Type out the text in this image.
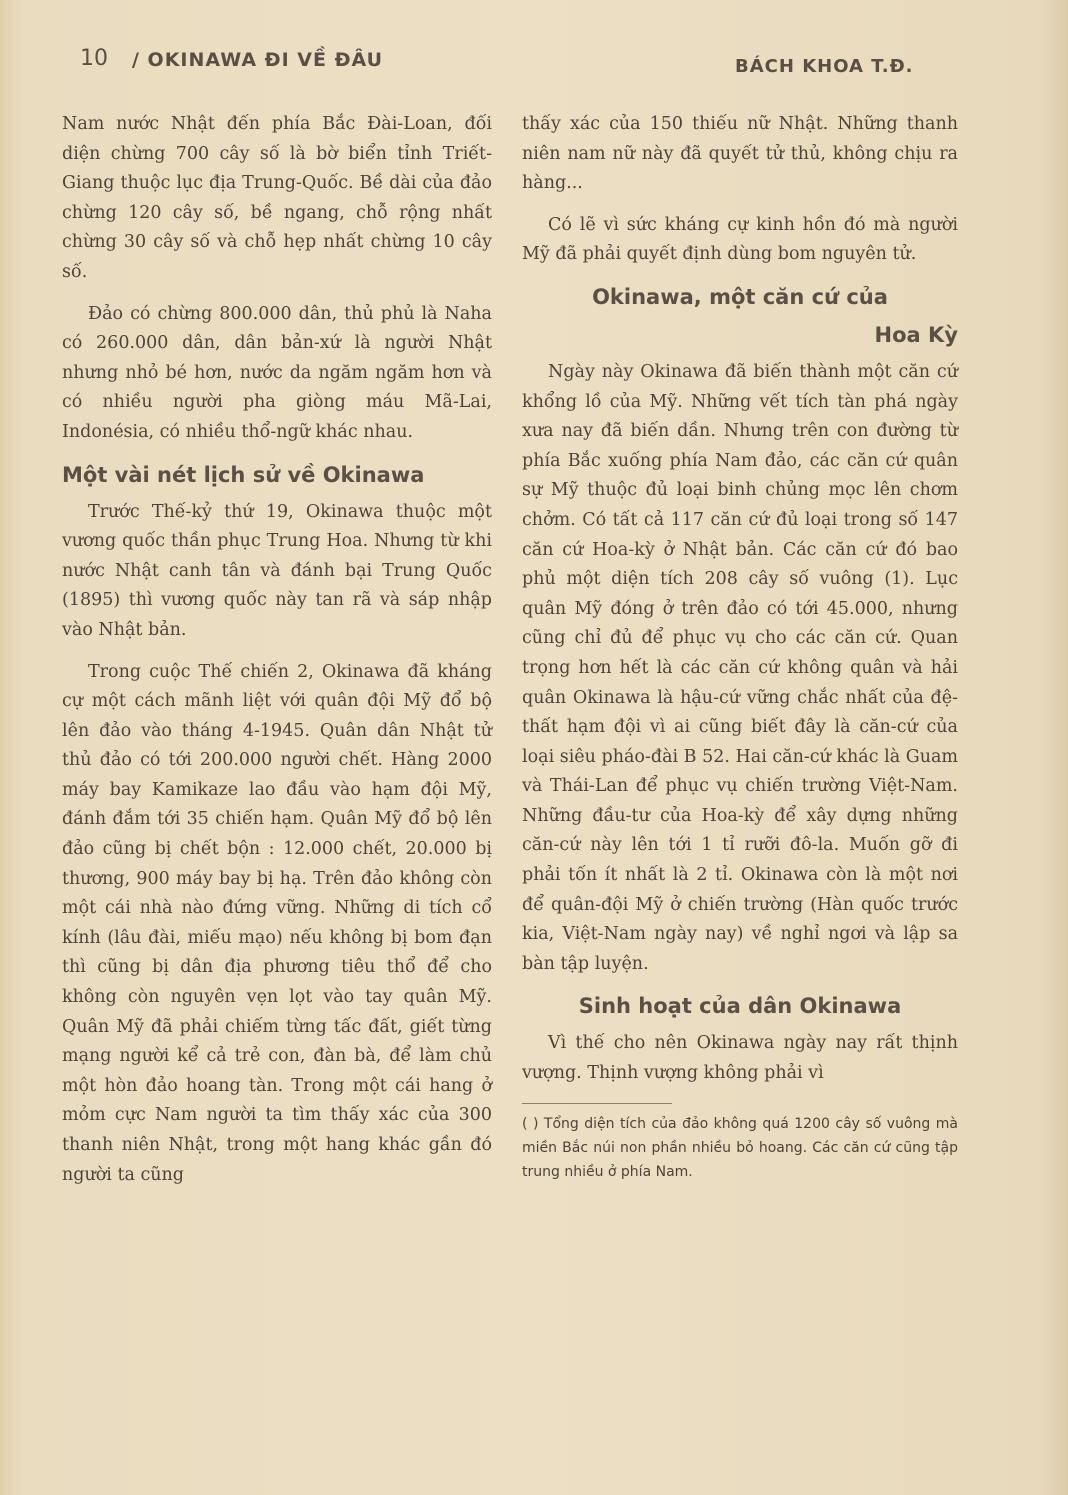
10 / OKINAWA ĐI VỀ ĐÂU	BÁCH KHOA T.Đ.

Nam nước Nhật đến phía Bắc Đài-Loan, đối diện chừng 700 cây số là bờ biển tỉnh Triết-Giang thuộc lục địa Trung-Quốc. Bề dài của đảo chừng 120 cây số, bề ngang, chỗ rộng nhất chừng 30 cây số và chỗ hẹp nhất chừng 10 cây số.

Đảo có chừng 800.000 dân, thủ phủ là Naha có 260.000 dân, dân bản-xứ là người Nhật nhưng nhỏ bé hơn, nước da ngăm ngăm hơn và có nhiều người pha giòng máu Mã-Lai, Indonésia, có nhiều thổ-ngữ khác nhau.

Một vài nét lịch sử về Okinawa

Trước Thế-kỷ thứ 19, Okinawa thuộc một vương quốc thần phục Trung Hoa. Nhưng từ khi nước Nhật canh tân và đánh bại Trung Quốc (1895) thì vương quốc này tan rã và sáp nhập vào Nhật bản.

Trong cuộc Thế chiến 2, Okinawa đã kháng cự một cách mãnh liệt với quân đội Mỹ đổ bộ lên đảo vào tháng 4-1945. Quân dân Nhật tử thủ đảo có tới 200.000 người chết. Hàng 2000 máy bay Kamikaze lao đầu vào hạm đội Mỹ, đánh đắm tới 35 chiến hạm. Quân Mỹ đổ bộ lên đảo cũng bị chết bộn : 12.000 chết, 20.000 bị thương, 900 máy bay bị hạ. Trên đảo không còn một cái nhà nào đứng vững. Những di tích cổ kính (lâu đài, miếu mạo) nếu không bị bom đạn thì cũng bị dân địa phương tiêu thổ để cho không còn nguyên vẹn lọt vào tay quân Mỹ. Quân Mỹ đã phải chiếm từng tấc đất, giết từng mạng người kể cả trẻ con, đàn bà, để làm chủ một hòn đảo hoang tàn. Trong một cái hang ở mỏm cực Nam người ta tìm thấy xác của 300 thanh niên Nhật, trong một hang khác gần đó người ta cũng

thấy xác của 150 thiếu nữ Nhật. Những thanh niên nam nữ này đã quyết tử thủ, không chịu ra hàng...

Có lẽ vì sức kháng cự kinh hồn đó mà người Mỹ đã phải quyết định dùng bom nguyên tử.

Okinawa, một căn cứ của
Hoa Kỳ

Ngày này Okinawa đã biến thành một căn cứ khổng lồ của Mỹ. Những vết tích tàn phá ngày xưa nay đã biến dần. Nhưng trên con đường từ phía Bắc xuống phía Nam đảo, các căn cứ quân sự Mỹ thuộc đủ loại binh chủng mọc lên chơm chởm. Có tất cả 117 căn cứ đủ loại trong số 147 căn cứ Hoa-kỳ ở Nhật bản. Các căn cứ đó bao phủ một diện tích 208 cây số vuông (1). Lục quân Mỹ đóng ở trên đảo có tới 45.000, nhưng cũng chỉ đủ để phục vụ cho các căn cứ. Quan trọng hơn hết là các căn cứ không quân và hải quân Okinawa là hậu-cứ vững chắc nhất của đệ-thất hạm đội vì ai cũng biết đây là căn-cứ của loại siêu pháo-đài B 52. Hai căn-cứ khác là Guam và Thái-Lan để phục vụ chiến trường Việt-Nam. Những đầu-tư của Hoa-kỳ để xây dựng những căn-cứ này lên tới 1 tỉ rưỡi đô-la. Muốn gỡ đi phải tốn ít nhất là 2 tỉ. Okinawa còn là một nơi để quân-đội Mỹ ở chiến trường (Hàn quốc trước kia, Việt-Nam ngày nay) về nghỉ ngơi và lập sa bàn tập luyện.

Sinh hoạt của dân Okinawa

Vì thế cho nên Okinawa ngày nay rất thịnh vượng. Thịnh vượng không phải vì

( ) Tổng diện tích của đảo không quá 1200 cây số vuông mà miền Bắc núi non phần nhiều bỏ hoang. Các căn cứ cũng tập trung nhiều ở phía Nam.
